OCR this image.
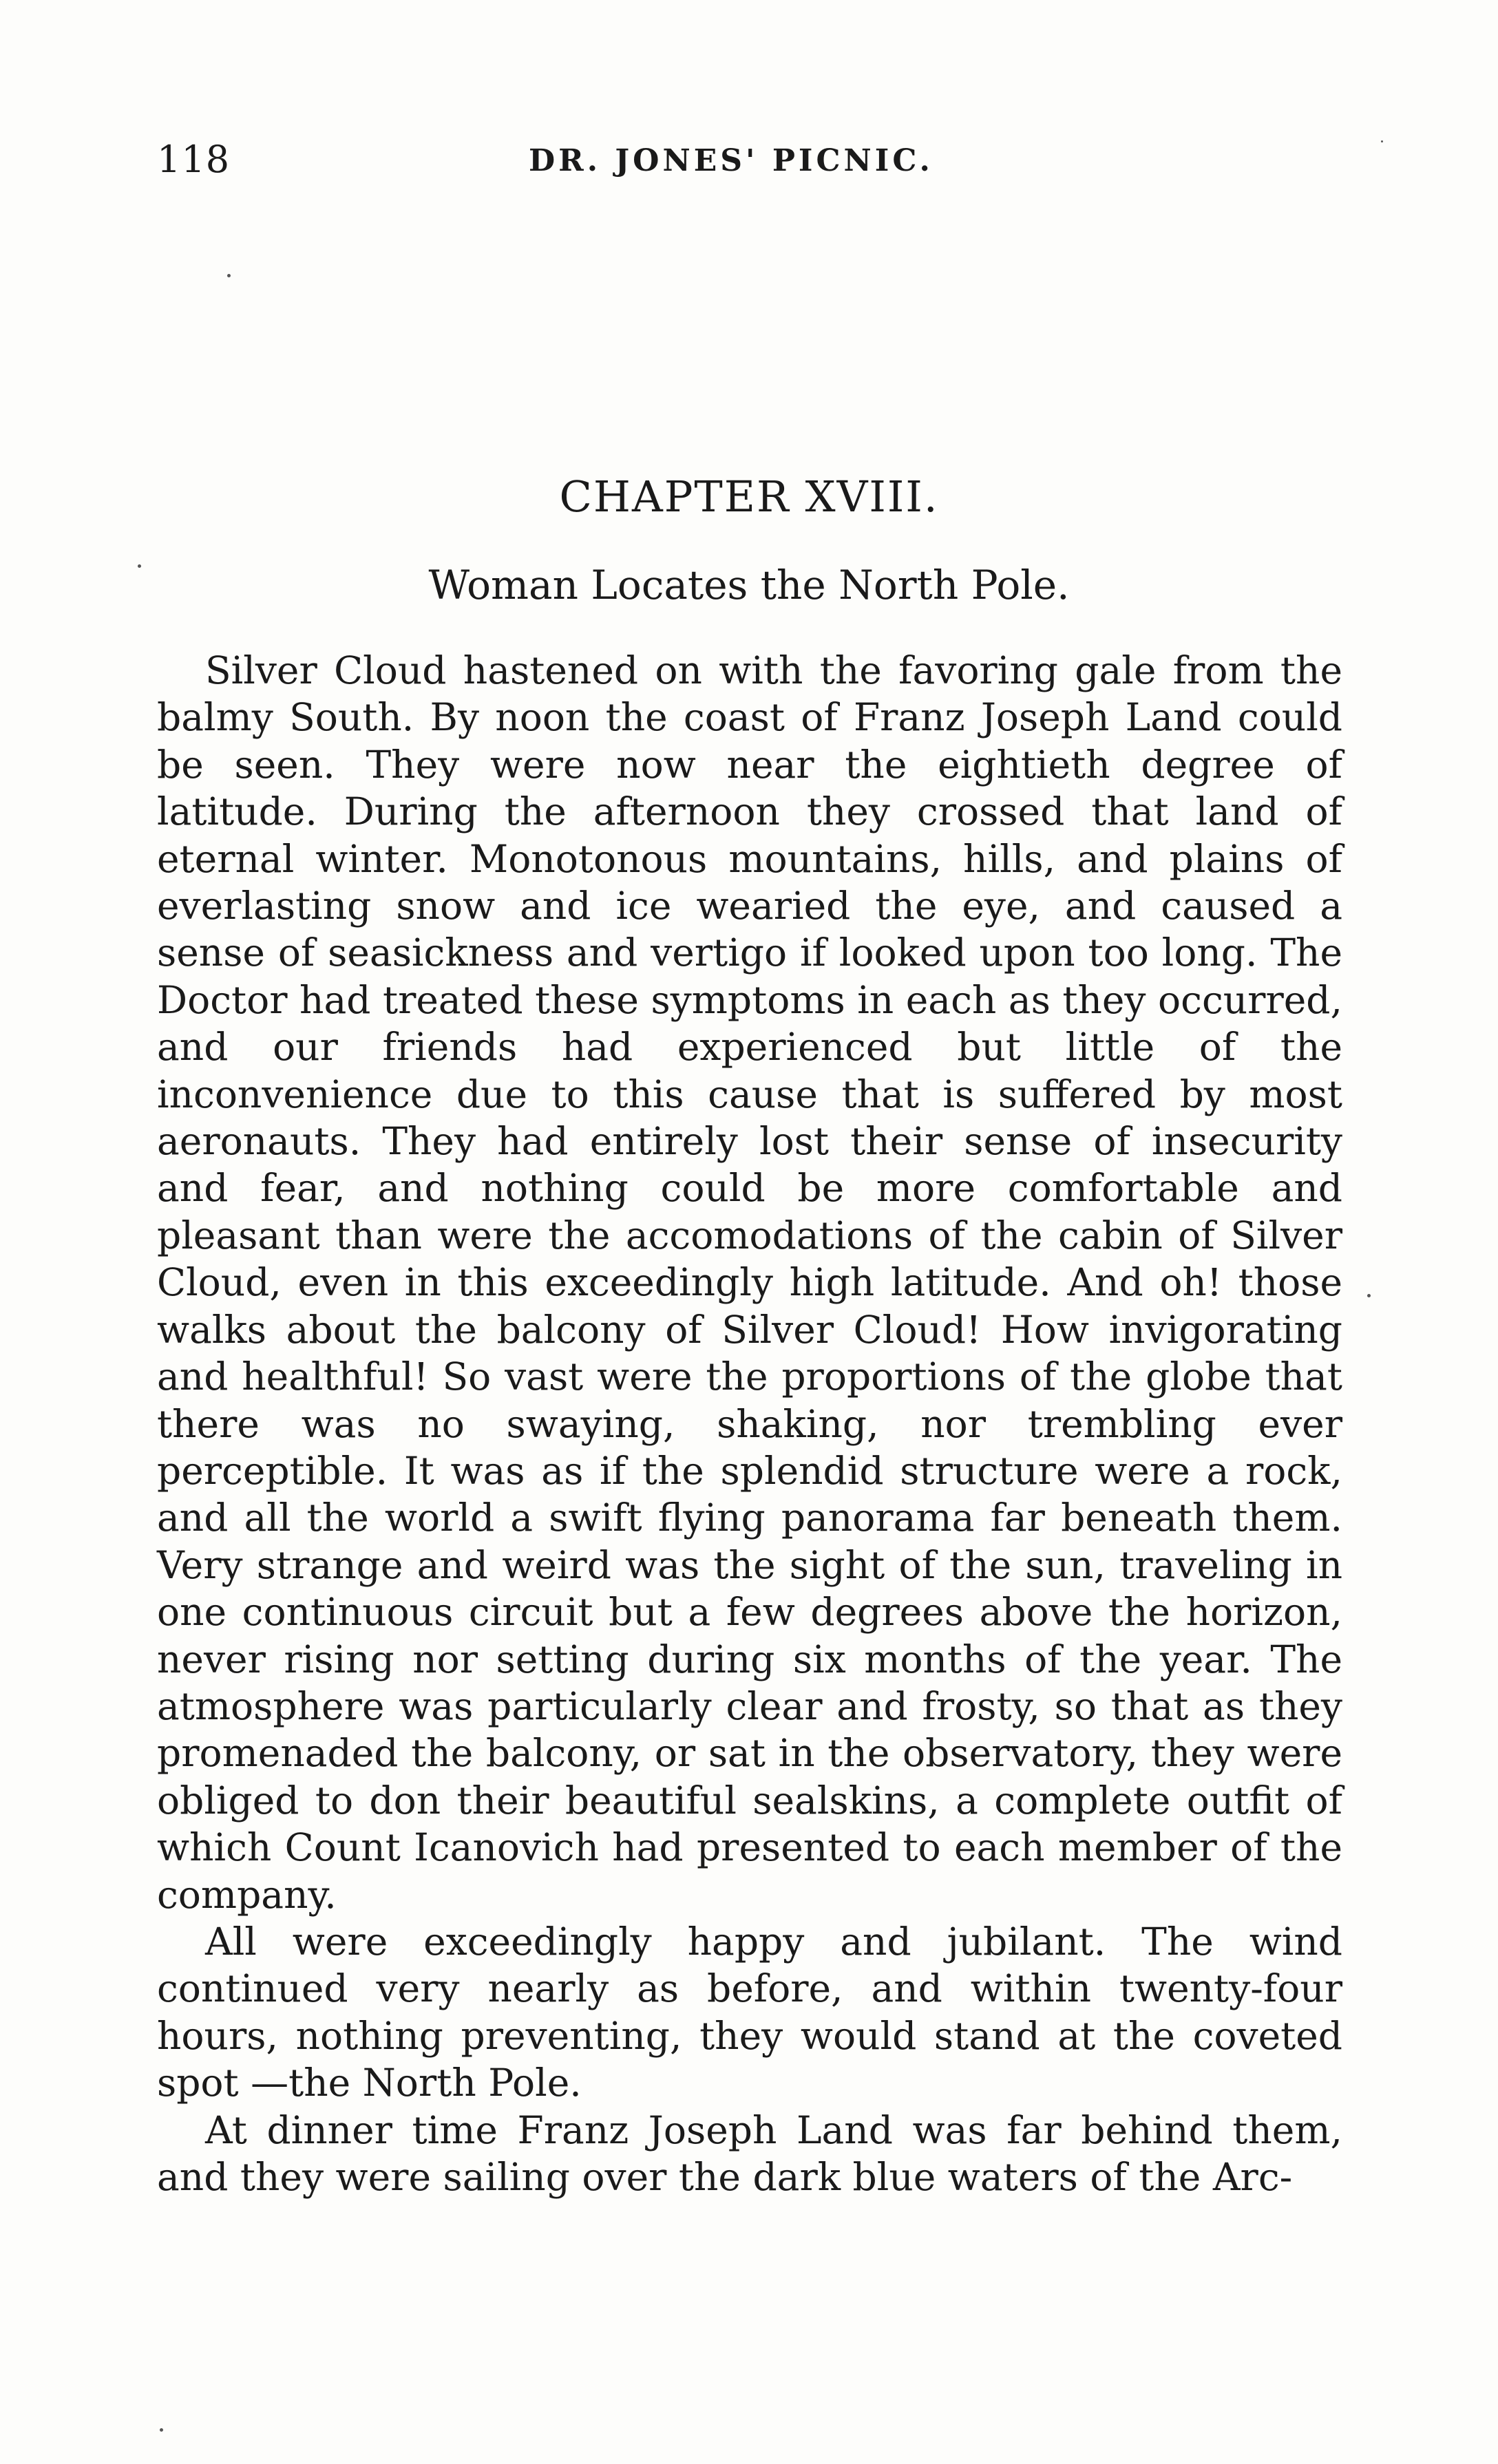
118	DR. JONES' PICNIC.
CHAPTER XVIII.
Woman Locates the North Pole.

Silver Cloud hastened on with the favoring gale from the balmy South. By noon the coast of Franz Joseph Land could be seen. They were now near the eightieth degree of latitude. During the afternoon they crossed that land of eternal winter. Monotonous mountains, hills, and plains of everlasting snow and ice wearied the eye, and caused a sense of seasickness and vertigo if looked upon too long. The Doctor had treated these symptoms in each as they occurred, and our friends had experienced but little of the inconvenience due to this cause that is suffered by most aeronauts. They had entirely lost their sense of insecurity and fear, and nothing could be more comfortable and pleasant than were the accomodations of the cabin of Silver Cloud, even in this exceedingly high latitude. And oh! those walks about the balcony of Silver Cloud! How invigorating and healthful! So vast were the proportions of the globe that there was no swaying, shaking, nor trembling ever perceptible. It was as if the splendid structure were a rock, and all the world a swift flying panorama far beneath them. Very strange and weird was the sight of the sun, traveling in one continuous circuit but a few degrees above the horizon, never rising nor setting during six months of the year. The atmosphere was particularly clear and frosty, so that as they promenaded the balcony, or sat in the observatory, they were obliged to don their beautiful sealskins, a complete outfit of which Count Icanovich had presented to each member of the company.

All were exceedingly happy and jubilant. The wind continued very nearly as before, and within twenty-four hours, nothing preventing, they would stand at the coveted spot —the North Pole.

At dinner time Franz Joseph Land was far behind them, and they were sailing over the dark blue waters of the Arc-
